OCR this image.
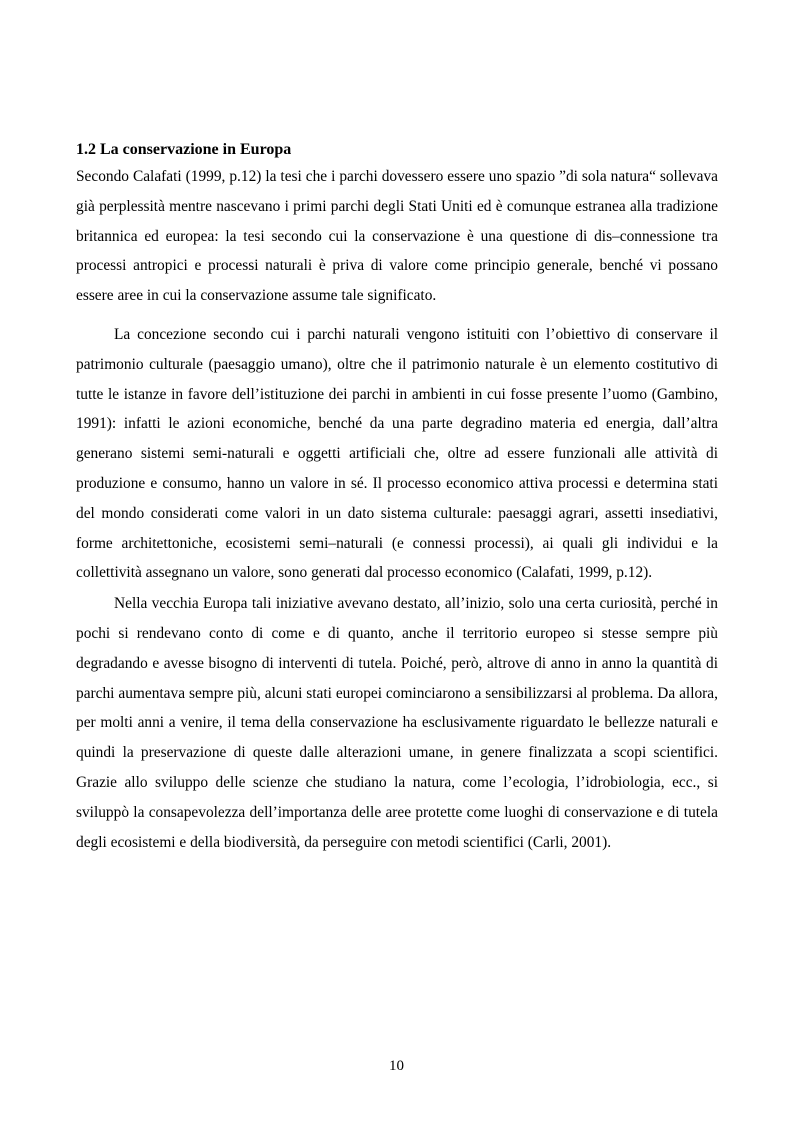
1.2 La conservazione in Europa

Secondo Calafati (1999, p.12) la tesi che i parchi dovessero essere uno spazio ”di sola natura“ sollevava già perplessità mentre nascevano i primi parchi degli Stati Uniti ed è comunque estranea alla tradizione britannica ed europea: la tesi secondo cui la conservazione è una questione di dis–connessione tra processi antropici e processi naturali è priva di valore come principio generale, benché vi possano essere aree in cui la conservazione assume tale significato.

La concezione secondo cui i parchi naturali vengono istituiti con l’obiettivo di conservare il patrimonio culturale (paesaggio umano), oltre che il patrimonio naturale è un elemento costitutivo di tutte le istanze in favore dell’istituzione dei parchi in ambienti in cui fosse presente l’uomo (Gambino, 1991): infatti le azioni economiche, benché da una parte degradino materia ed energia, dall’altra generano sistemi semi-naturali e oggetti artificiali che, oltre ad essere funzionali alle attività di produzione e consumo, hanno un valore in sé. Il processo economico attiva processi e determina stati del mondo considerati come valori in un dato sistema culturale: paesaggi agrari, assetti insediativi, forme architettoniche, ecosistemi semi–naturali (e connessi processi), ai quali gli individui e la collettività assegnano un valore, sono generati dal processo economico (Calafati, 1999, p.12).

Nella vecchia Europa tali iniziative avevano destato, all’inizio, solo una certa curiosità, perché in pochi si rendevano conto di come e di quanto, anche il territorio europeo si stesse sempre più degradando e avesse bisogno di interventi di tutela. Poiché, però, altrove di anno in anno la quantità di parchi aumentava sempre più, alcuni stati europei cominciarono a sensibilizzarsi al problema. Da allora, per molti anni a venire, il tema della conservazione ha esclusivamente riguardato le bellezze naturali e quindi la preservazione di queste dalle alterazioni umane, in genere finalizzata a scopi scientifici. Grazie allo sviluppo delle scienze che studiano la natura, come l’ecologia, l’idrobiologia, ecc., si sviluppò la consapevolezza dell’importanza delle aree protette come luoghi di conservazione e di tutela degli ecosistemi e della biodiversità, da perseguire con metodi scientifici (Carli, 2001).

10
